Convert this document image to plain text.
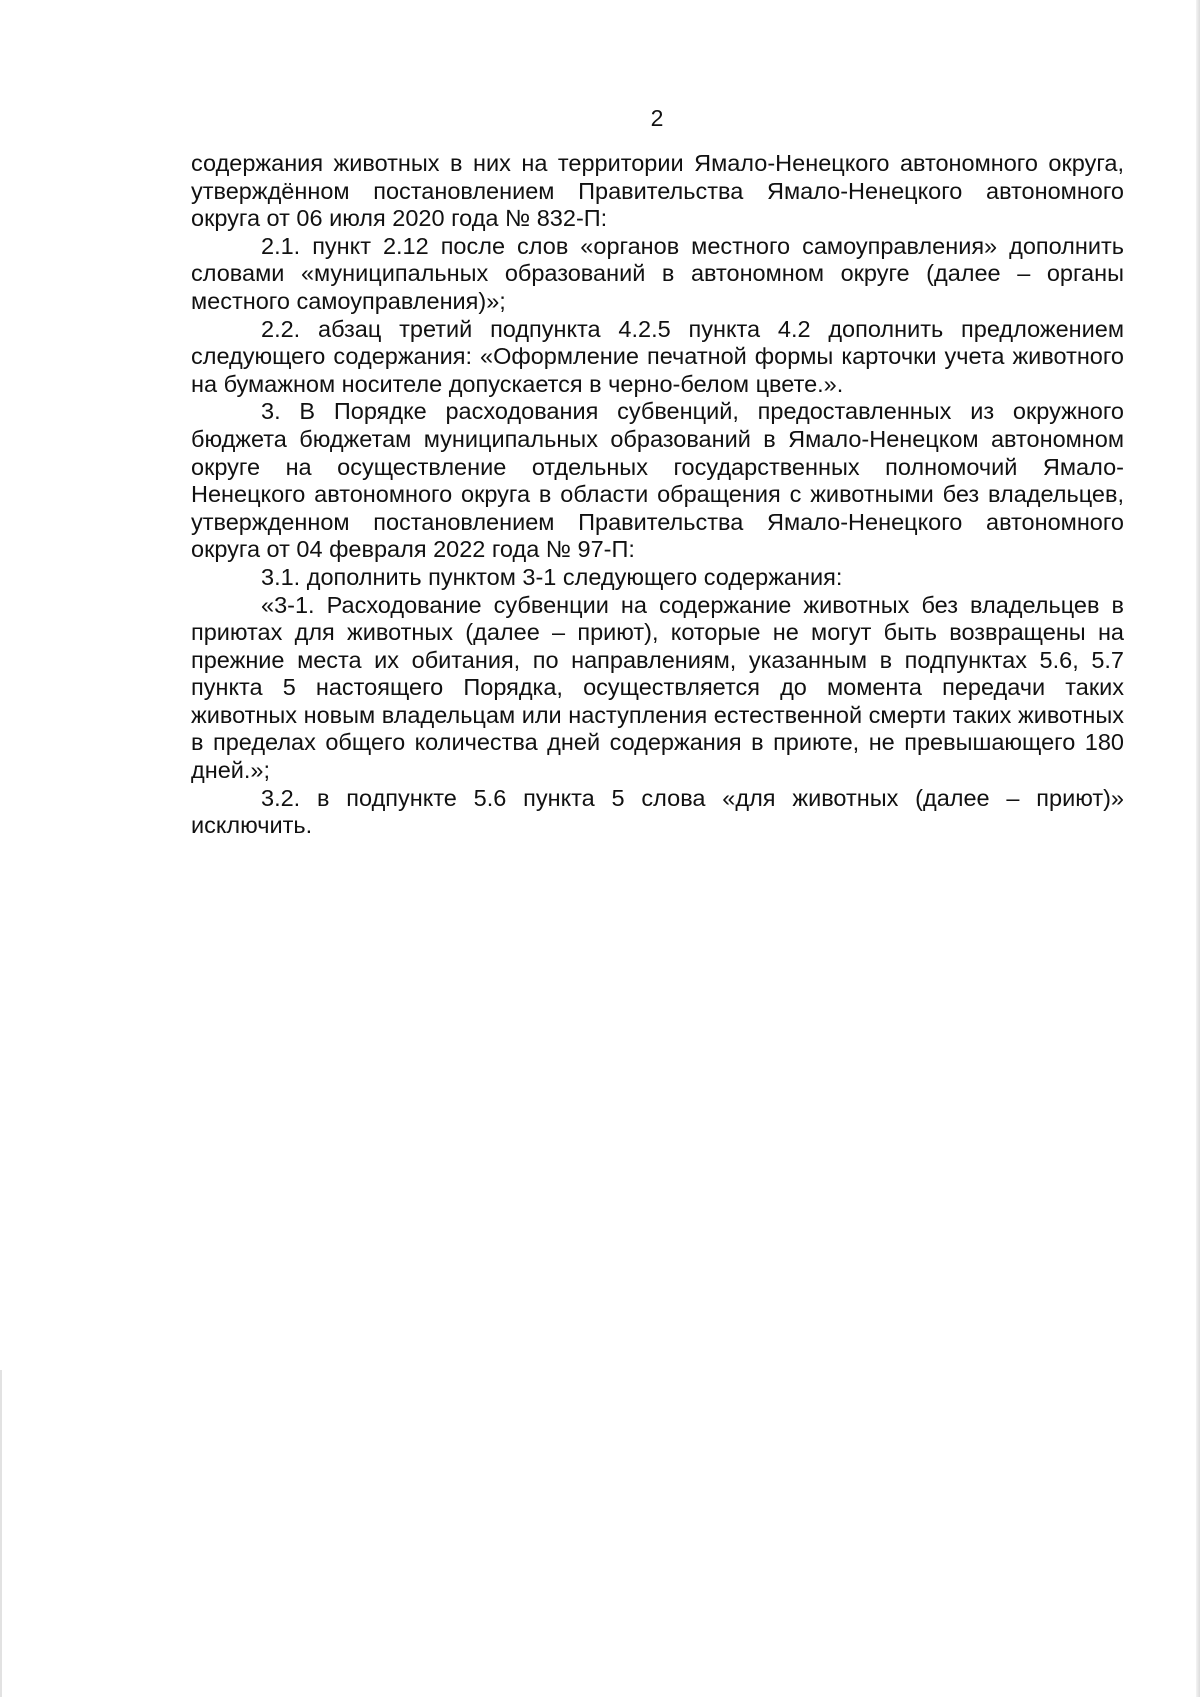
2

содержания животных в них на территории Ямало-Ненецкого автономного округа, утверждённом постановлением Правительства Ямало-Ненецкого автономного округа от 06 июля 2020 года № 832-П:

2.1. пункт 2.12 после слов «органов местного самоуправления» дополнить словами «муниципальных образований в автономном округе (далее – органы местного самоуправления)»;

2.2. абзац третий подпункта 4.2.5 пункта 4.2 дополнить предложением следующего содержания: «Оформление печатной формы карточки учета животного на бумажном носителе допускается в черно-белом цвете.».

3. В Порядке расходования субвенций, предоставленных из окружного бюджета бюджетам муниципальных образований в Ямало-Ненецком автономном округе на осуществление отдельных государственных полномочий Ямало-Ненецкого автономного округа в области обращения с животными без владельцев, утвержденном постановлением Правительства Ямало-Ненецкого автономного округа от 04 февраля 2022 года № 97-П:

3.1. дополнить пунктом 3-1 следующего содержания:

«3-1. Расходование субвенции на содержание животных без владельцев в приютах для животных (далее – приют), которые не могут быть возвращены на прежние места их обитания, по направлениям, указанным в подпунктах 5.6, 5.7 пункта 5 настоящего Порядка, осуществляется до момента передачи таких животных новым владельцам или наступления естественной смерти таких животных в пределах общего количества дней содержания в приюте, не превышающего 180 дней.»;

3.2. в подпункте 5.6 пункта 5 слова «для животных (далее – приют)» исключить.
